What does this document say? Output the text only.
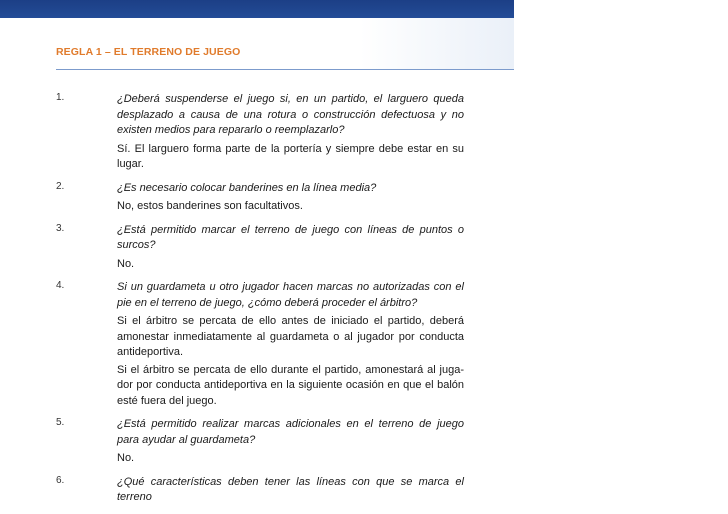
REGLA 1 – EL TERRENO DE JUEGO
1.	¿Deberá suspenderse el juego si, en un partido, el larguero queda desplazado a causa de una rotura o construcción defectuosa y no existen medios para repararlo o reemplazarlo?

Sí. El larguero forma parte de la portería y siempre debe estar en su lugar.

2.	¿Es necesario colocar banderines en la línea media?

No, estos banderines son facultativos.

3.	¿Está permitido marcar el terreno de juego con líneas de puntos o surcos?

No.

4.	Si un guardameta u otro jugador hacen marcas no autorizadas con el pie en el terreno de juego, ¿cómo deberá proceder el árbitro?

Si el árbitro se percata de ello antes de iniciado el partido, deberá amonestar inmediatamente al guardameta o al jugador por conducta antideportiva.

Si el árbitro se percata de ello durante el partido, amonestará al juga-dor por conducta antideportiva en la siguiente ocasión en que el balón esté fuera del juego.

5.	¿Está permitido realizar marcas adicionales en el terreno de juego para ayudar al guardameta?

No.

6.	¿Qué características deben tener las líneas con que se marca el terreno
